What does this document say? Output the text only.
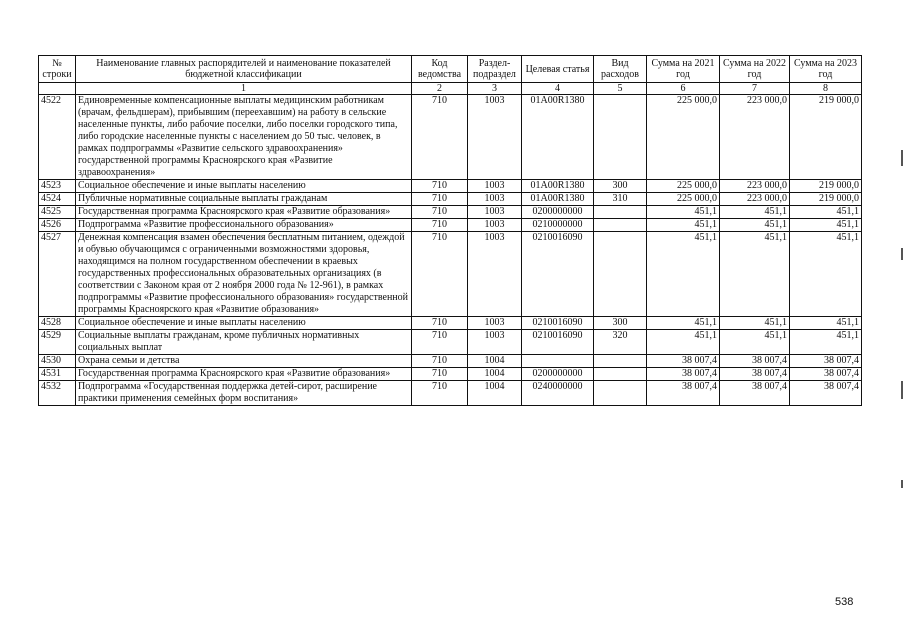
№ строки	Наименование главных распорядителей и наименование показателей бюджетной классификации	Код ведомства	Раздел-подраздел	Целевая статья	Вид расходов	Сумма на 2021 год	Сумма на 2022 год	Сумма на 2023 год
	1	2	3	4	5	6	7	8
4522	Единовременные компенсационные выплаты медицинским работникам (врачам, фельдшерам), прибывшим (переехавшим) на работу в сельские населенные пункты, либо рабочие поселки, либо поселки городского типа, либо городские населенные пункты с населением до 50 тыс. человек, в рамках подпрограммы «Развитие сельского здравоохранения» государственной программы Красноярского края «Развитие здравоохранения»	710	1003	01A00R1380		225 000,0	223 000,0	219 000,0
4523	Социальное обеспечение и иные выплаты населению	710	1003	01A00R1380	300	225 000,0	223 000,0	219 000,0
4524	Публичные нормативные социальные выплаты гражданам	710	1003	01A00R1380	310	225 000,0	223 000,0	219 000,0
4525	Государственная программа Красноярского края «Развитие образования»	710	1003	0200000000		451,1	451,1	451,1
4526	Подпрограмма «Развитие профессионального образования»	710	1003	0210000000		451,1	451,1	451,1
4527	Денежная компенсация взамен обеспечения бесплатным питанием, одеждой и обувью обучающимся с ограниченными возможностями здоровья, находящимся на полном государственном обеспечении в краевых государственных профессиональных образовательных организациях (в соответствии с Законом края от 2 ноября 2000 года № 12-961), в рамках подпрограммы «Развитие профессионального образования» государственной программы Красноярского края «Развитие образования»	710	1003	0210016090		451,1	451,1	451,1
4528	Социальное обеспечение и иные выплаты населению	710	1003	0210016090	300	451,1	451,1	451,1
4529	Социальные выплаты гражданам, кроме публичных нормативных социальных выплат	710	1003	0210016090	320	451,1	451,1	451,1
4530	Охрана семьи и детства	710	1004			38 007,4	38 007,4	38 007,4
4531	Государственная программа Красноярского края «Развитие образования»	710	1004	0200000000		38 007,4	38 007,4	38 007,4
4532	Подпрограмма «Государственная поддержка детей-сирот, расширение практики применения семейных форм воспитания»	710	1004	0240000000		38 007,4	38 007,4	38 007,4
538
